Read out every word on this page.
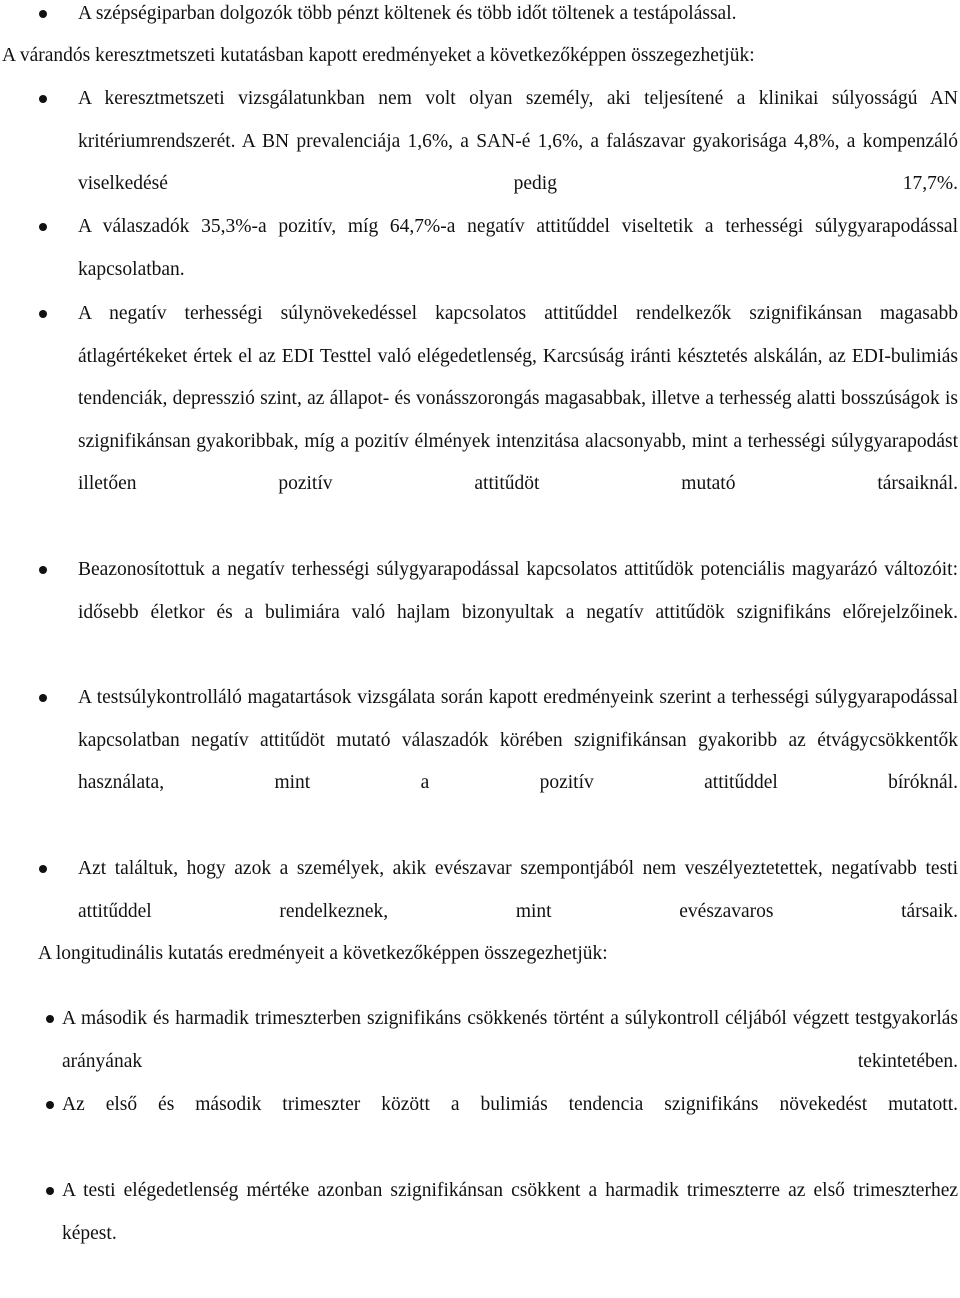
A szépségiparban dolgozók több pénzt költenek és több időt töltenek a testápolással.

A várandós keresztmetszeti kutatásban kapott eredményeket a következőképpen összegezhetjük:

A keresztmetszeti vizsgálatunkban nem volt olyan személy, aki teljesítené a klinikai súlyosságú AN kritériumrendszerét. A BN prevalenciája 1,6%, a SAN-é 1,6%, a falászavar gyakorisága 4,8%, a kompenzáló viselkedésé pedig 17,7%.

A válaszadók 35,3%-a pozitív, míg 64,7%-a negatív attitűddel viseltetik a terhességi súlygyarapodással kapcsolatban.

A negatív terhességi súlynövekedéssel kapcsolatos attitűddel rendelkezők szignifikánsan magasabb átlagértékeket értek el az EDI Testtel való elégedetlenség, Karcsúság iránti késztetés alskálán, az EDI-bulimiás tendenciák, depresszió szint, az állapot- és vonásszorongás magasabbak, illetve a terhesség alatti bosszúságok is szignifikánsan gyakoribbak, míg a pozitív élmények intenzitása alacsonyabb, mint a terhességi súlygyarapodást illetően pozitív attitűdöt mutató társaiknál.

Beazonosítottuk a negatív terhességi súlygyarapodással kapcsolatos attitűdök potenciális magyarázó változóit: idősebb életkor és a bulimiára való hajlam bizonyultak a negatív attitűdök szignifikáns előrejelzőinek.

A testsúlykontrolláló magatartások vizsgálata során kapott eredményeink szerint a terhességi súlygyarapodással kapcsolatban negatív attitűdöt mutató válaszadók körében szignifikánsan gyakoribb az étvágycsökkentők használata, mint a pozitív attitűddel bíróknál.

Azt találtuk, hogy azok a személyek, akik evészavar szempontjából nem veszélyeztetettek, negatívabb testi attitűddel rendelkeznek, mint evészavaros társaik.

A longitudinális kutatás eredményeit a következőképpen összegezhetjük:

A második és harmadik trimeszterben szignifikáns csökkenés történt a súlykontroll céljából végzett testgyakorlás arányának tekintetében.

Az első és második trimeszter között a bulimiás tendencia szignifikáns növekedést mutatott.

A testi elégedetlenség mértéke azonban szignifikánsan csökkent a harmadik trimeszterre az első trimeszterhez képest.
